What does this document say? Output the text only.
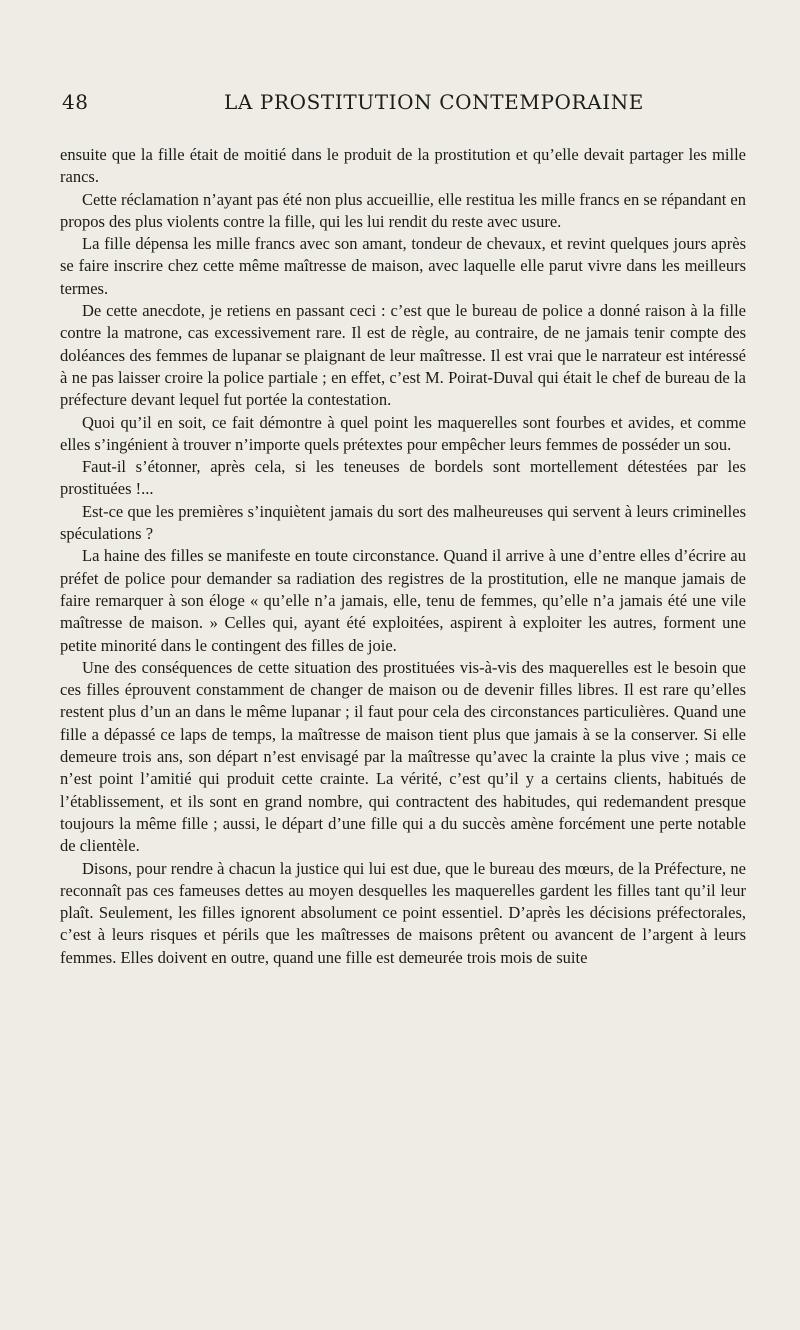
48	LA PROSTITUTION CONTEMPORAINE

ensuite que la fille était de moitié dans le produit de la prostitution et qu’elle devait partager les mille rancs.

Cette réclamation n’ayant pas été non plus accueillie, elle restitua les mille francs en se répandant en propos des plus violents contre la fille, qui les lui rendit du reste avec usure.

La fille dépensa les mille francs avec son amant, tondeur de chevaux, et revint quelques jours après se faire inscrire chez cette même maîtresse de maison, avec laquelle elle parut vivre dans les meilleurs termes.

De cette anecdote, je retiens en passant ceci : c’est que le bureau de police a donné raison à la fille contre la matrone, cas excessivement rare. Il est de règle, au contraire, de ne jamais tenir compte des doléances des femmes de lupanar se plaignant de leur maîtresse. Il est vrai que le narrateur est intéressé à ne pas laisser croire la police partiale ; en effet, c’est M. Poirat-Duval qui était le chef de bureau de la préfecture devant lequel fut portée la contestation.

Quoi qu’il en soit, ce fait démontre à quel point les maquerelles sont fourbes et avides, et comme elles s’ingénient à trouver n’importe quels prétextes pour empêcher leurs femmes de posséder un sou.

Faut-il s’étonner, après cela, si les teneuses de bordels sont mortellement détestées par les prostituées !...

Est-ce que les premières s’inquiètent jamais du sort des malheureuses qui servent à leurs criminelles spéculations ?

La haine des filles se manifeste en toute circonstance. Quand il arrive à une d’entre elles d’écrire au préfet de police pour demander sa radiation des registres de la prostitution, elle ne manque jamais de faire remarquer à son éloge « qu’elle n’a jamais, elle, tenu de femmes, qu’elle n’a jamais été une vile maîtresse de maison. » Celles qui, ayant été exploitées, aspirent à exploiter les autres, forment une petite minorité dans le contingent des filles de joie.

Une des conséquences de cette situation des prostituées vis-à-vis des maquerelles est le besoin que ces filles éprouvent constamment de changer de maison ou de devenir filles libres. Il est rare qu’elles restent plus d’un an dans le même lupanar ; il faut pour cela des circonstances particulières. Quand une fille a dépassé ce laps de temps, la maîtresse de maison tient plus que jamais à se la conserver. Si elle demeure trois ans, son départ n’est envisagé par la maîtresse qu’avec la crainte la plus vive ; mais ce n’est point l’amitié qui produit cette crainte. La vérité, c’est qu’il y a certains clients, habitués de l’établissement, et ils sont en grand nombre, qui contractent des habitudes, qui redemandent presque toujours la même fille ; aussi, le départ d’une fille qui a du succès amène forcément une perte notable de clientèle.

Disons, pour rendre à chacun la justice qui lui est due, que le bureau des mœurs, de la Préfecture, ne reconnaît pas ces fameuses dettes au moyen desquelles les maquerelles gardent les filles tant qu’il leur plaît. Seulement, les filles ignorent absolument ce point essentiel. D’après les décisions préfectorales, c’est à leurs risques et périls que les maîtresses de maisons prêtent ou avancent de l’argent à leurs femmes. Elles doivent en outre, quand une fille est demeurée trois mois de suite
